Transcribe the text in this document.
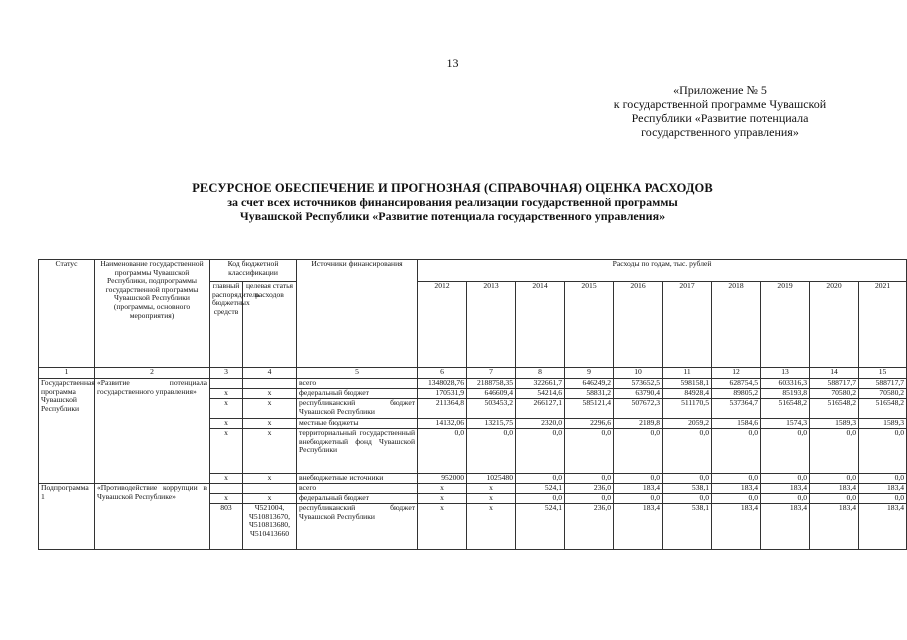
13
«Приложение № 5
к государственной программе Чувашской
Республики «Развитие потенциала
государственного управления»
РЕСУРСНОЕ ОБЕСПЕЧЕНИЕ И ПРОГНОЗНАЯ (СПРАВОЧНАЯ) ОЦЕНКА РАСХОДОВ
за счет всех источников финансирования реализации государственной программы
Чувашской Республики «Развитие потенциала государственного управления»
Статус	Наименование государственной программы Чувашской Республики, подпрограммы государственной программы Чувашской Республики (программы, основного мероприятия)	Код бюджетной классификации		Источники финансирования	Расходы по годам, тыс. рублей									
		главный распорядитель бюджетных средств	целевая статья расходов		2012	2013	2014	2015	2016	2017	2018	2019	2020	2021
1	2	3	4	5	6	7	8	9	10	11	12	13	14	15
Государственная программа Чувашской Республики	«Развитие потенциала государственного управления»			всего	1348028,76	2188758,35	322661,7	646249,2	573652,5	598158,1	628754,5	603316,3	588717,7	588717,7
		х	х	федеральный бюджет	170531,9	646609,4	54214,6	58831,2	63790,4	84928,4	89805,2	85193,8	70580,2	70580,2
		х	х	республиканский бюджет Чувашской Республики	211364,8	503453,2	266127,1	585121,4	507672,3	511170,5	537364,7	516548,2	516548,2	516548,2
		х	х	местные бюджеты	14132,06	13215,75	2320,0	2296,6	2189,8	2059,2	1584,6	1574,3	1589,3	1589,3
		х	х	территориальный государственный внебюджетный фонд Чувашской Республики	0,0	0,0	0,0	0,0	0,0	0,0	0,0	0,0	0,0	0,0
		х	х	внебюджетные источники	952000	1025480	0,0	0,0	0,0	0,0	0,0	0,0	0,0	0,0
Подпрограмма 1	«Противодействие коррупции в Чувашской Республике»			всего	х	х	524,1	236,0	183,4	538,1	183,4	183,4	183,4	183,4
		х	х	федеральный бюджет	х	х	0,0	0,0	0,0	0,0	0,0	0,0	0,0	0,0
		803	Ч521004, Ч510813670, Ч510813680, Ч510413660	республиканский бюджет Чувашской Республики	х	х	524,1	236,0	183,4	538,1	183,4	183,4	183,4	183,4
